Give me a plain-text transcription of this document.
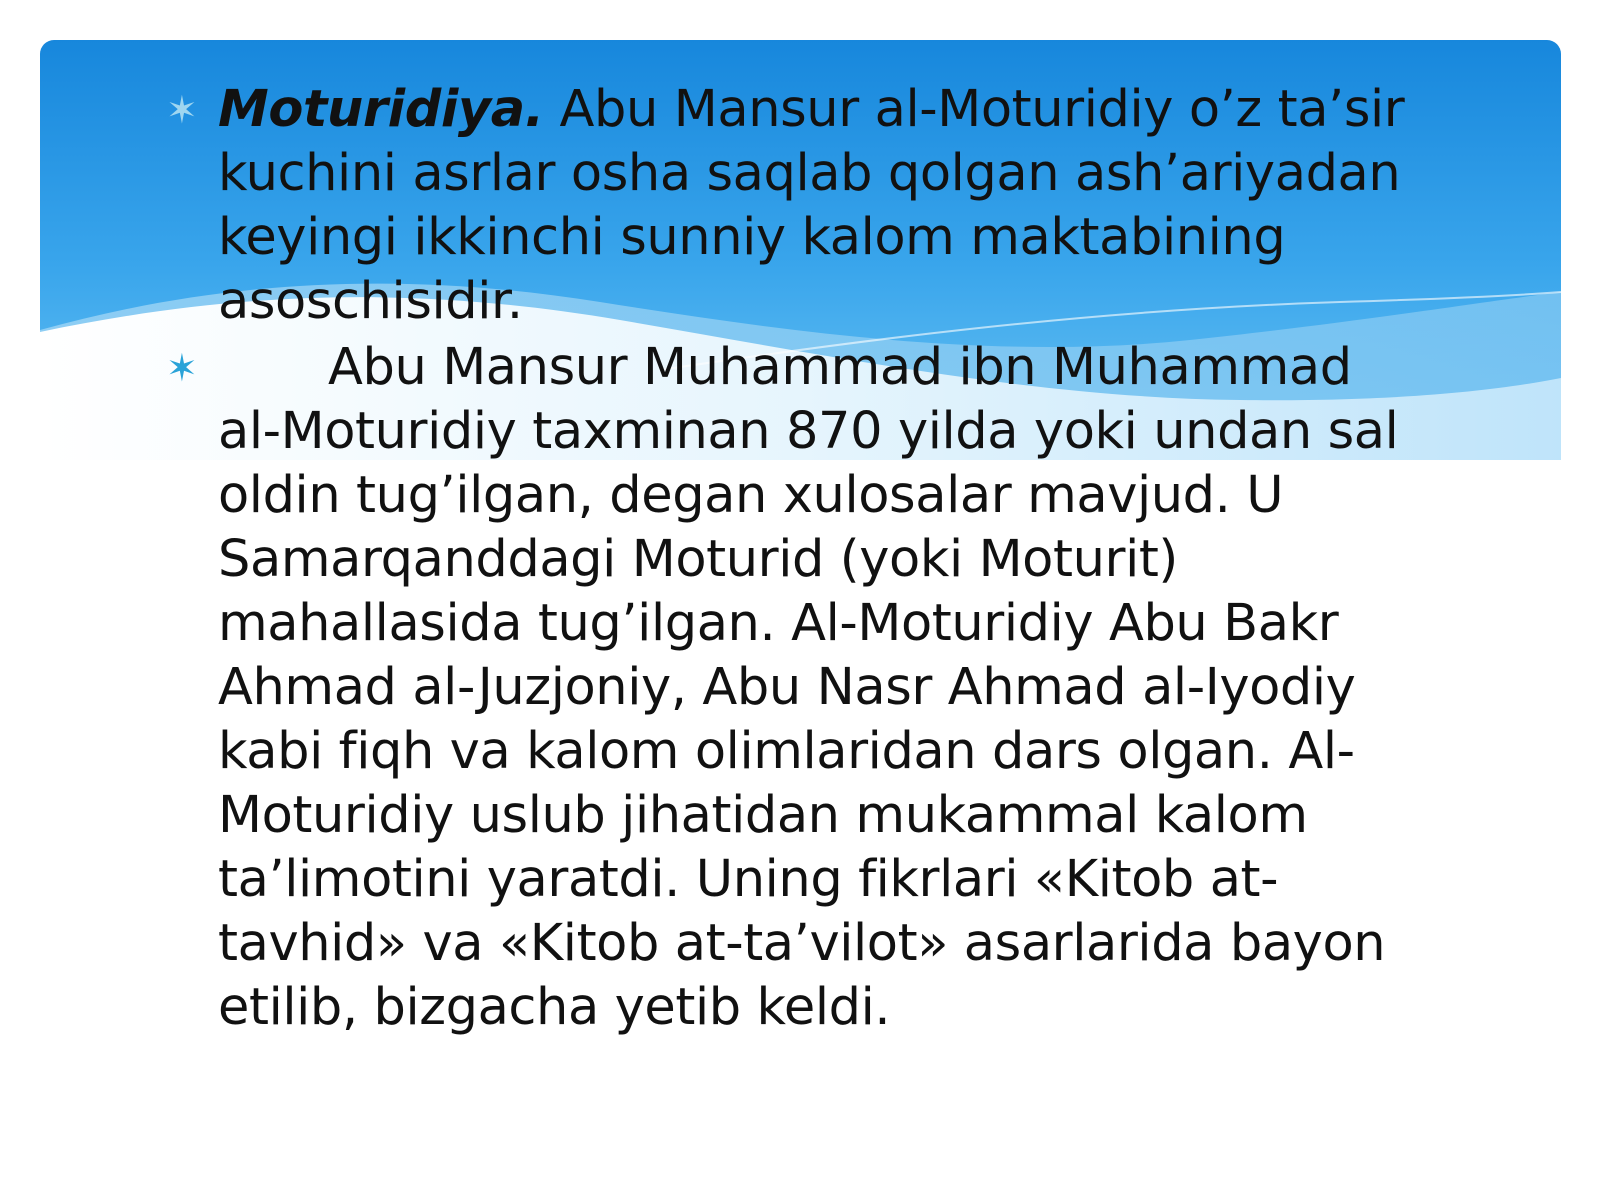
✶ Moturidiya. Abu Mansur al-Moturidiy o’z ta’sir kuchini asrlar osha saqlab qolgan ash’ariyadan keyingi ikkinchi sunniy kalom maktabining asoschisidir.

✶	Abu Mansur Muhammad ibn Muhammad al-Moturidiy taxminan 870 yilda yoki undan sal oldin tug’ilgan, degan xulosalar mavjud. U Samarqanddagi Moturid (yoki Moturit) mahallasida tug’ilgan. Al-Moturidiy Abu Bakr Ahmad al-Juzjoniy, Abu Nasr Ahmad al-Iyodiy kabi fiqh va kalom olimlaridan dars olgan. Al-Moturidiy uslub jihatidan mukammal kalom ta’limotini yaratdi. Uning fikrlari «Kitob at-tavhid» va «Kitob at-ta’vilot» asarlarida bayon etilib, bizgacha yetib keldi.
